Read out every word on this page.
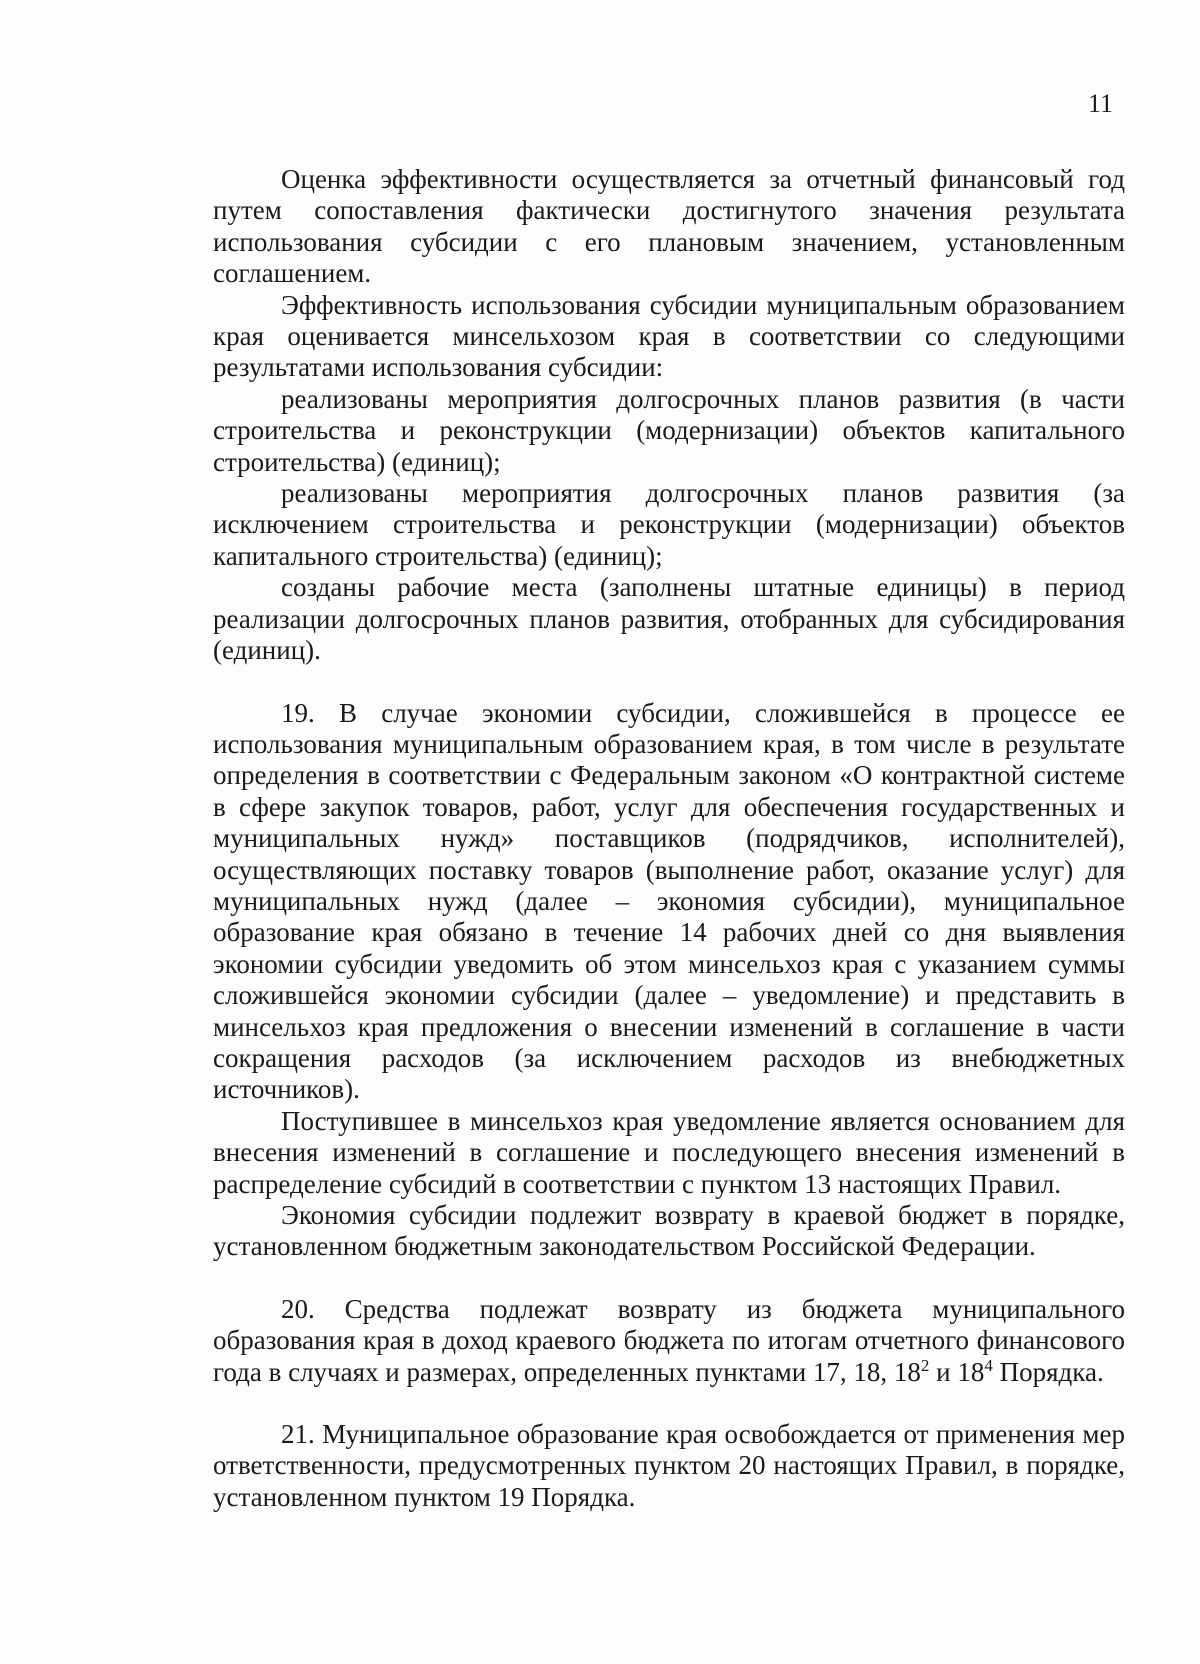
11

Оценка эффективности осуществляется за отчетный финансовый год путем сопоставления фактически достигнутого значения результата использования субсидии с его плановым значением, установленным соглашением.

Эффективность использования субсидии муниципальным образованием края оценивается минсельхозом края в соответствии со следующими результатами использования субсидии:

реализованы мероприятия долгосрочных планов развития (в части строительства и реконструкции (модернизации) объектов капитального строительства) (единиц);

реализованы мероприятия долгосрочных планов развития (за исключением строительства и реконструкции (модернизации) объектов капитального строительства) (единиц);

созданы рабочие места (заполнены штатные единицы) в период реализации долгосрочных планов развития, отобранных для субсидирования (единиц).

19. В случае экономии субсидии, сложившейся в процессе ее использования муниципальным образованием края, в том числе в результате определения в соответствии с Федеральным законом «О контрактной системе в сфере закупок товаров, работ, услуг для обеспечения государственных и муниципальных нужд» поставщиков (подрядчиков, исполнителей), осуществляющих поставку товаров (выполнение работ, оказание услуг) для муниципальных нужд (далее – экономия субсидии), муниципальное образование края обязано в течение 14 рабочих дней со дня выявления экономии субсидии уведомить об этом минсельхоз края с указанием суммы сложившейся экономии субсидии (далее – уведомление) и представить в минсельхоз края предложения о внесении изменений в соглашение в части сокращения расходов (за исключением расходов из внебюджетных источников).

Поступившее в минсельхоз края уведомление является основанием для внесения изменений в соглашение и последующего внесения изменений в распределение субсидий в соответствии с пунктом 13 настоящих Правил.

Экономия субсидии подлежит возврату в краевой бюджет в порядке, установленном бюджетным законодательством Российской Федерации.

20. Средства подлежат возврату из бюджета муниципального образования края в доход краевого бюджета по итогам отчетного финансового года в случаях и размерах, определенных пунктами 17, 18, $18^2$ и $18^4$ Порядка.

21. Муниципальное образование края освобождается от применения мер ответственности, предусмотренных пунктом 20 настоящих Правил, в порядке, установленном пунктом 19 Порядка.
